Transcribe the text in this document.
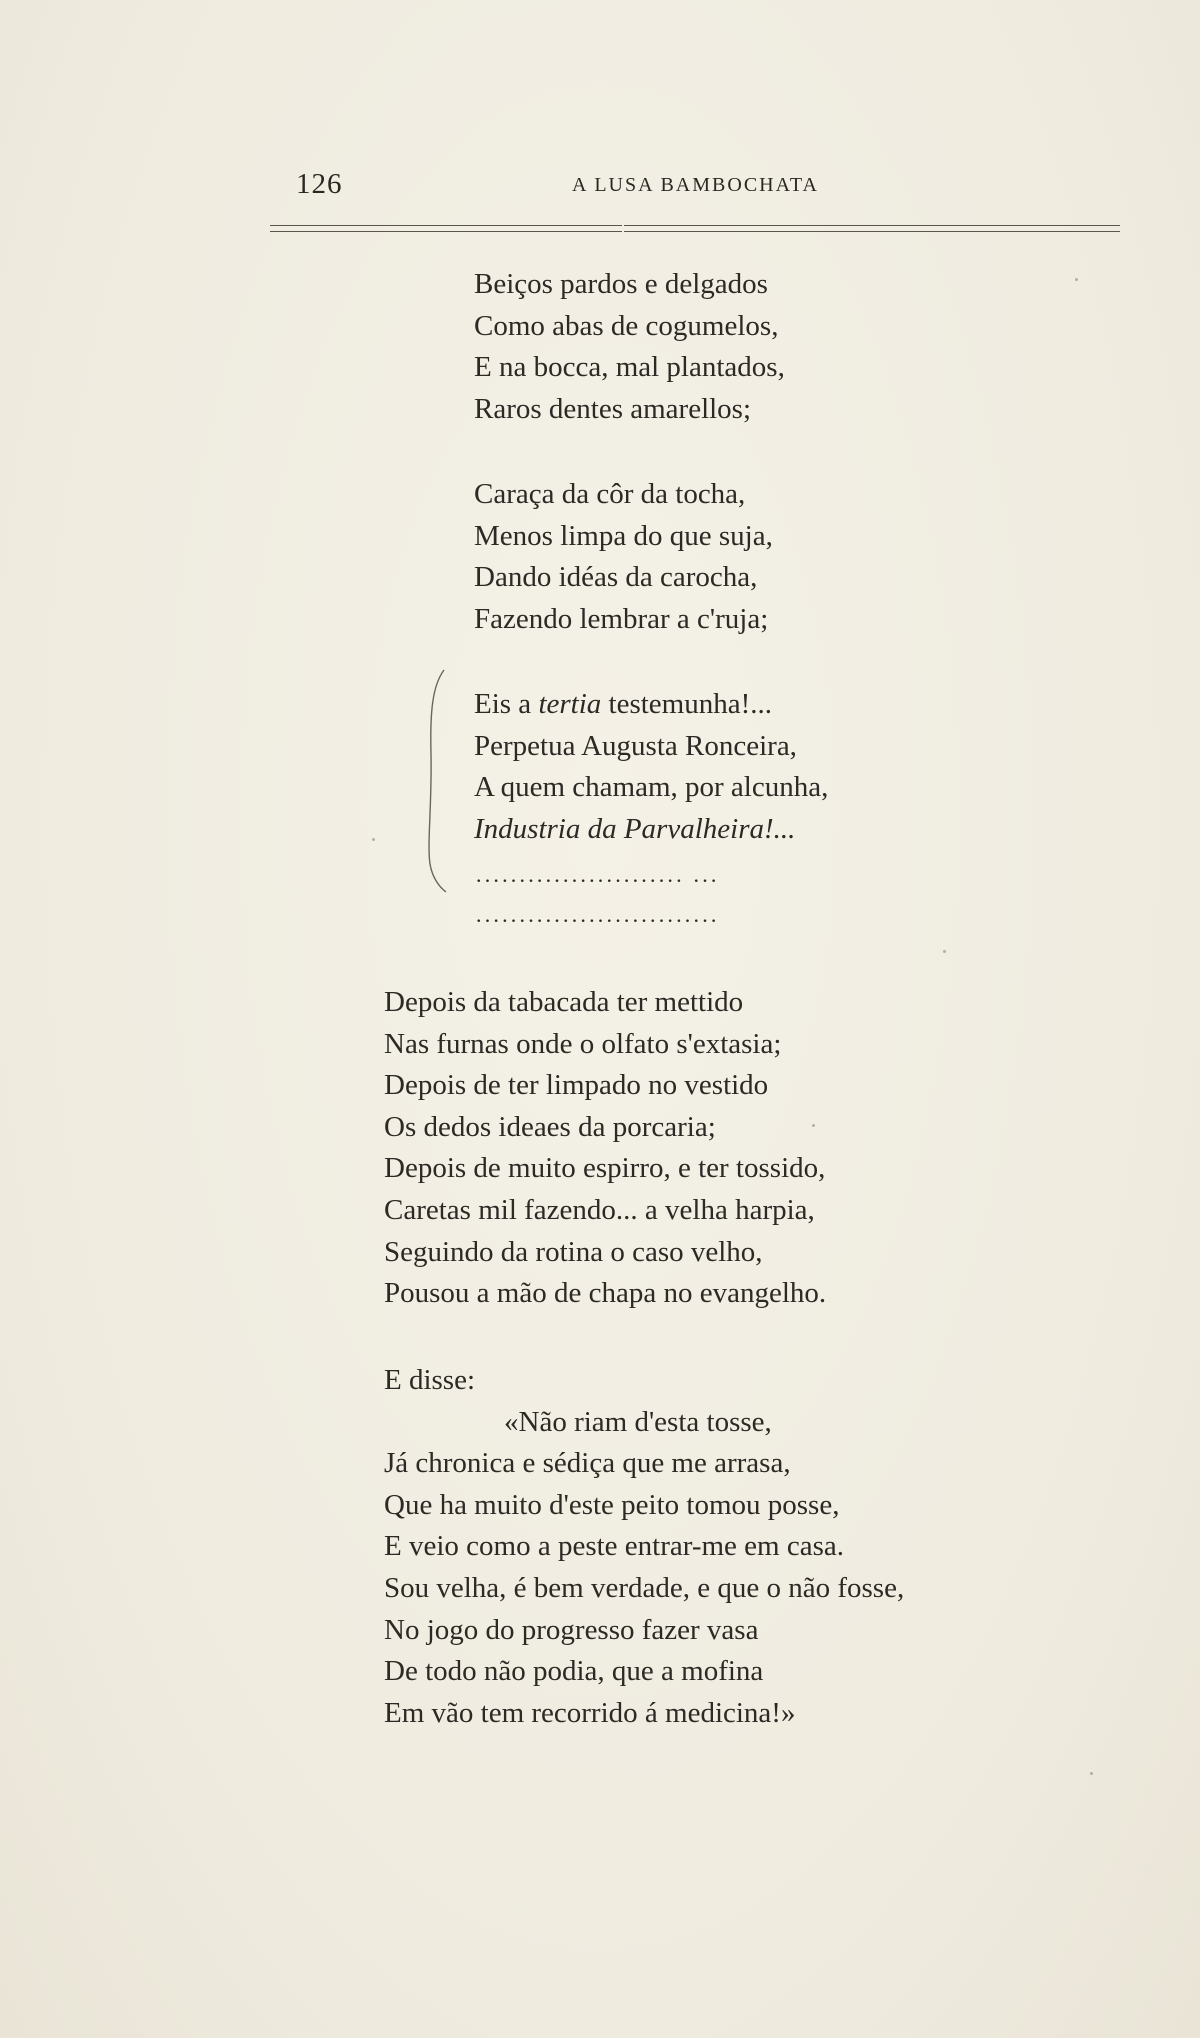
126	A LUSA BAMBOCHATA
Beiços pardos e delgados
Como abas de cogumelos,
E na bocca, mal plantados,
Raros dentes amarellos;
Caraça da côr da tocha,
Menos limpa do que suja,
Dando idéas da carocha,
Fazendo lembrar a c'ruja;
Eis a tertia testemunha!...
Perpetua Augusta Ronceira,
A quem chamam, por alcunha,
Industria da Parvalheira!...
........................ ...
............................
Depois da tabacada ter mettido
Nas furnas onde o olfato s'extasia;
Depois de ter limpado no vestido
Os dedos ideaes da porcaria;
Depois de muito espirro, e ter tossido,
Caretas mil fazendo... a velha harpia,
Seguindo da rotina o caso velho,
Pousou a mão de chapa no evangelho.
E disse:
«Não riam d'esta tosse,
Já chronica e sédiça que me arrasa,
Que ha muito d'este peito tomou posse,
E veio como a peste entrar-me em casa.
Sou velha, é bem verdade, e que o não fosse,
No jogo do progresso fazer vasa
De todo não podia, que a mofina
Em vão tem recorrido á medicina!»
